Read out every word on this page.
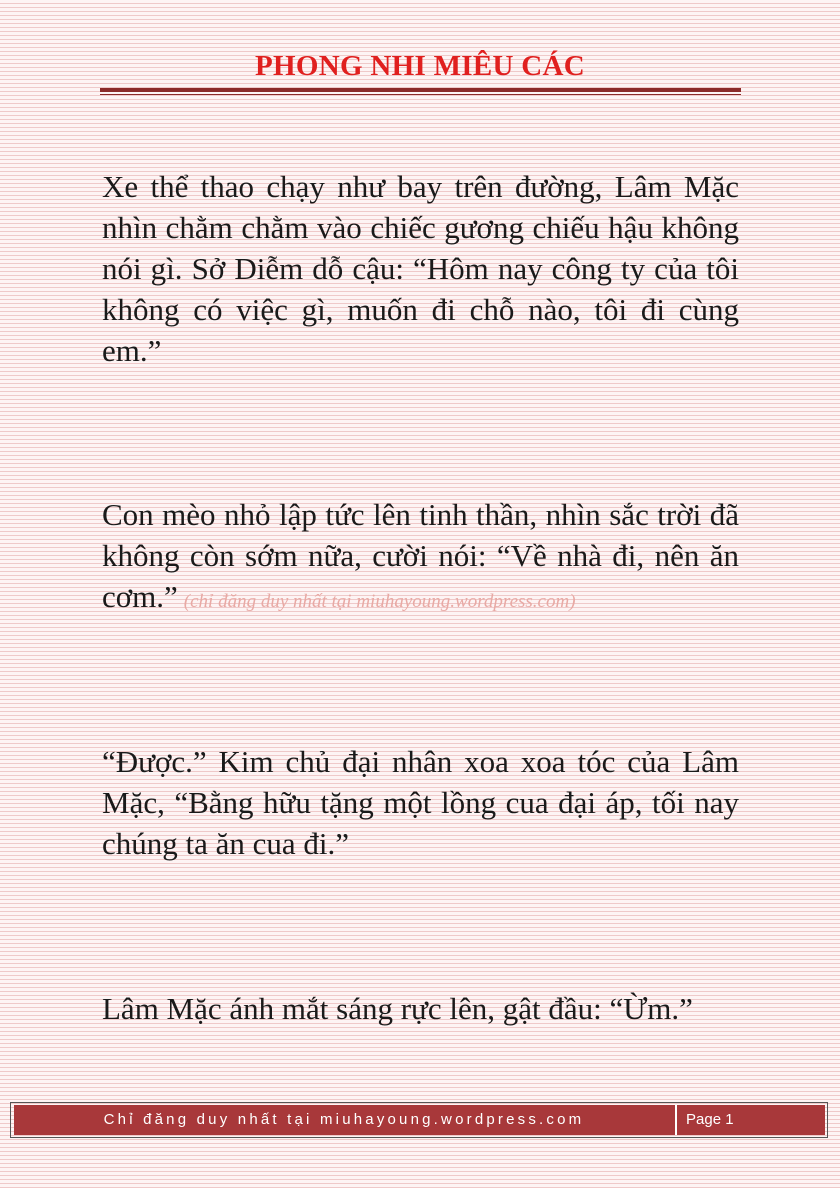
PHONG NHI MIÊU CÁC
Xe thể thao chạy như bay trên đường, Lâm Mặc nhìn chằm chằm vào chiếc gương chiếu hậu không nói gì. Sở Diễm dỗ cậu: “Hôm nay công ty của tôi không có việc gì, muốn đi chỗ nào, tôi đi cùng em.”
Con mèo nhỏ lập tức lên tinh thần, nhìn sắc trời đã không còn sớm nữa, cười nói: “Về nhà đi, nên ăn cơm.” (chỉ đăng duy nhất tại miuhayoung.wordpress.com)
“Được.” Kim chủ đại nhân xoa xoa tóc của Lâm Mặc, “Bằng hữu tặng một lồng cua đại áp, tối nay chúng ta ăn cua đi.”
Lâm Mặc ánh mắt sáng rực lên, gật đầu: “Ừm.”
Chỉ đăng duy nhất tại miuhayoung.wordpress.com	Page 1
